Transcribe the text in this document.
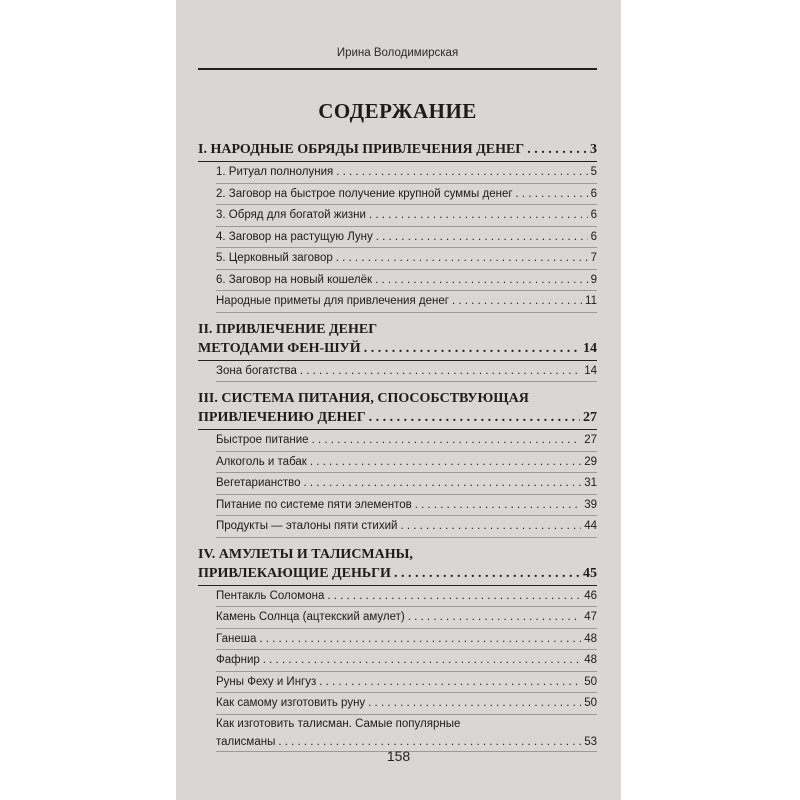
Ирина Володимирская
СОДЕРЖАНИЕ
I. НАРОДНЫЕ ОБРЯДЫ ПРИВЛЕЧЕНИЯ ДЕНЕГ . . .	3
1. Ритуал полнолуния . . .	5
2. Заговор на быстрое получение крупной суммы денег . . .	6
3. Обряд для богатой жизни . . .	6
4. Заговор на растущую Луну . . .	6
5. Церковный заговор . . .	7
6. Заговор на новый кошелёк . . .	9
Народные приметы для привлечения денег . . .	11
II. ПРИВЛЕЧЕНИЕ ДЕНЕГ
МЕТОДАМИ ФЕН-ШУЙ . . .	14
Зона богатства . . .	14
III. СИСТЕМА ПИТАНИЯ, СПОСОБСТВУЮЩАЯ
ПРИВЛЕЧЕНИЮ ДЕНЕГ . . .	27
Быстрое питание . . .	27
Алкоголь и табак . . .	29
Вегетарианство . . .	31
Питание по системе пяти элементов . . .	39
Продукты — эталоны пяти стихий . . .	44
IV. АМУЛЕТЫ И ТАЛИСМАНЫ,
ПРИВЛЕКАЮЩИЕ ДЕНЬГИ . . .	45
Пентакль Соломона . . .	46
Камень Солнца (ацтекский амулет) . . .	47
Ганеша . . .	48
Фафнир . . .	48
Руны Феху и Ингуз . . .	50
Как самому изготовить руну . . .	50
Как изготовить талисман. Самые популярные
талисманы . . .	53
158
